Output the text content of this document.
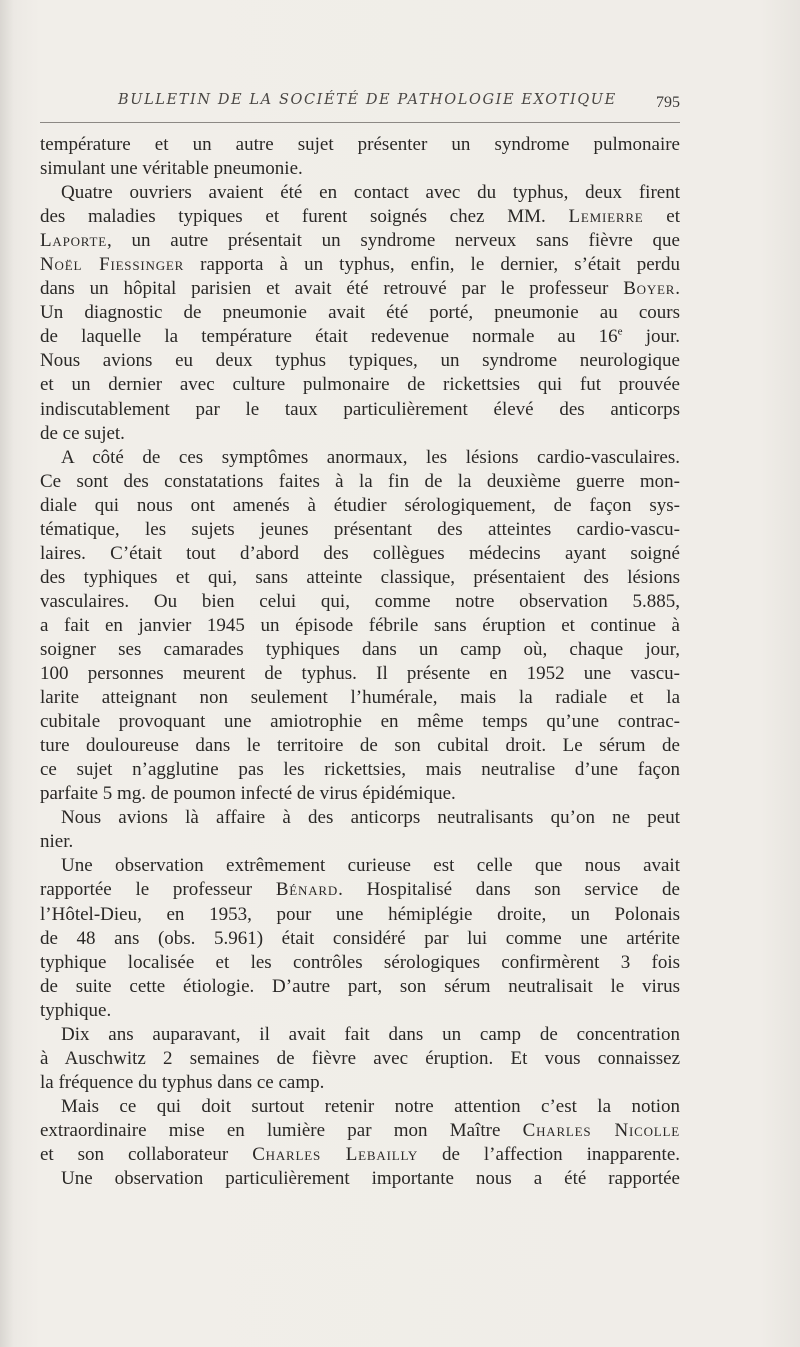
BULLETIN DE LA SOCIÉTÉ DE PATHOLOGIE EXOTIQUE 795
température et un autre sujet présenter un syndrome pulmonaire
simulant une véritable pneumonie.
Quatre ouvriers avaient été en contact avec du typhus, deux firent
des maladies typiques et furent soignés chez MM. Lemierre et
Laporte, un autre présentait un syndrome nerveux sans fièvre que
Noël Fiessinger rapporta à un typhus, enfin, le dernier, s’était perdu
dans un hôpital parisien et avait été retrouvé par le professeur Boyer.
Un diagnostic de pneumonie avait été porté, pneumonie au cours
de laquelle la température était redevenue normale au 16e jour.
Nous avions eu deux typhus typiques, un syndrome neurologique
et un dernier avec culture pulmonaire de rickettsies qui fut prouvée
indiscutablement par le taux particulièrement élevé des anticorps
de ce sujet.
A côté de ces symptômes anormaux, les lésions cardio-vasculaires.
Ce sont des constatations faites à la fin de la deuxième guerre mon-
diale qui nous ont amenés à étudier sérologiquement, de façon sys-
tématique, les sujets jeunes présentant des atteintes cardio-vascu-
laires. C’était tout d’abord des collègues médecins ayant soigné
des typhiques et qui, sans atteinte classique, présentaient des lésions
vasculaires. Ou bien celui qui, comme notre observation 5.885,
a fait en janvier 1945 un épisode fébrile sans éruption et continue à
soigner ses camarades typhiques dans un camp où, chaque jour,
100 personnes meurent de typhus. Il présente en 1952 une vascu-
larite atteignant non seulement l’humérale, mais la radiale et la
cubitale provoquant une amiotrophie en même temps qu’une contrac-
ture douloureuse dans le territoire de son cubital droit. Le sérum de
ce sujet n’agglutine pas les rickettsies, mais neutralise d’une façon
parfaite 5 mg. de poumon infecté de virus épidémique.
Nous avions là affaire à des anticorps neutralisants qu’on ne peut
nier.
Une observation extrêmement curieuse est celle que nous avait
rapportée le professeur Bénard. Hospitalisé dans son service de
l’Hôtel-Dieu, en 1953, pour une hémiplégie droite, un Polonais
de 48 ans (obs. 5.961) était considéré par lui comme une artérite
typhique localisée et les contrôles sérologiques confirmèrent 3 fois
de suite cette étiologie. D’autre part, son sérum neutralisait le virus
typhique.
Dix ans auparavant, il avait fait dans un camp de concentration
à Auschwitz 2 semaines de fièvre avec éruption. Et vous connaissez
la fréquence du typhus dans ce camp.
Mais ce qui doit surtout retenir notre attention c’est la notion
extraordinaire mise en lumière par mon Maître Charles Nicolle
et son collaborateur Charles Lebailly de l’affection inapparente.
Une observation particulièrement importante nous a été rapportée
